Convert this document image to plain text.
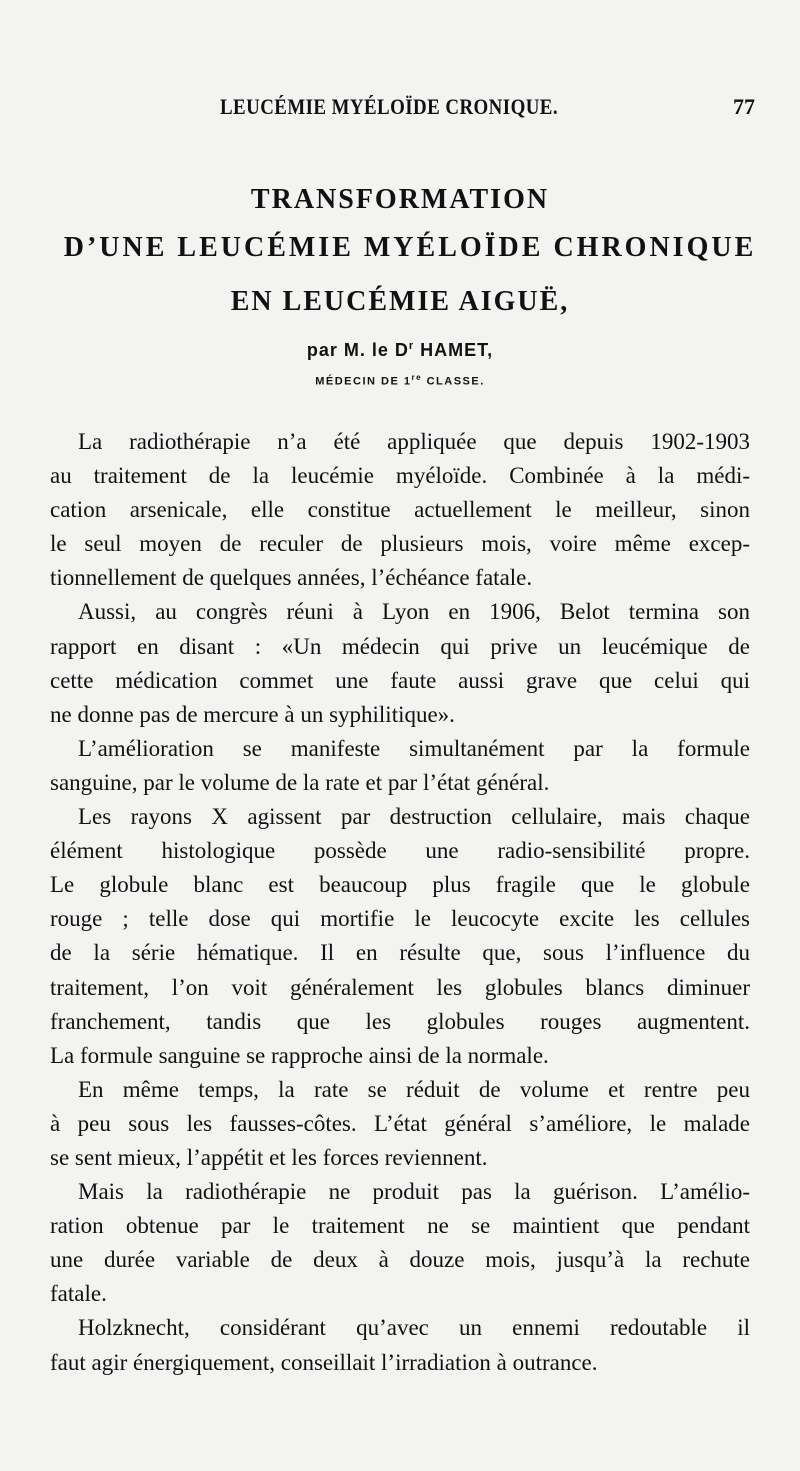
LEUCÉMIE MYÉLOÏDE CRONIQUE.	77
TRANSFORMATION
D’UNE LEUCÉMIE MYÉLOÏDE CHRONIQUE
EN LEUCÉMIE AIGUË,
par M. le $D^r$ HAMET,
MÉDECIN DE 1re CLASSE.
La radiothérapie n’a été appliquée que depuis 1902-1903
au traitement de la leucémie myéloïde. Combinée à la médi-
cation arsenicale, elle constitue actuellement le meilleur, sinon
le seul moyen de reculer de plusieurs mois, voire même excep-
tionnellement de quelques années, l’échéance fatale.
Aussi, au congrès réuni à Lyon en 1906, Belot termina son
rapport en disant : «Un médecin qui prive un leucémique de
cette médication commet une faute aussi grave que celui qui
ne donne pas de mercure à un syphilitique».
L’amélioration se manifeste simultanément par la formule
sanguine, par le volume de la rate et par l’état général.
Les rayons X agissent par destruction cellulaire, mais chaque
élément histologique possède une radio-sensibilité propre.
Le globule blanc est beaucoup plus fragile que le globule
rouge ; telle dose qui mortifie le leucocyte excite les cellules
de la série hématique. Il en résulte que, sous l’influence du
traitement, l’on voit généralement les globules blancs diminuer
franchement, tandis que les globules rouges augmentent.
La formule sanguine se rapproche ainsi de la normale.
En même temps, la rate se réduit de volume et rentre peu
à peu sous les fausses-côtes. L’état général s’améliore, le malade
se sent mieux, l’appétit et les forces reviennent.
Mais la radiothérapie ne produit pas la guérison. L’amélio-
ration obtenue par le traitement ne se maintient que pendant
une durée variable de deux à douze mois, jusqu’à la rechute
fatale.
Holzknecht, considérant qu’avec un ennemi redoutable il
faut agir énergiquement, conseillait l’irradiation à outrance.
